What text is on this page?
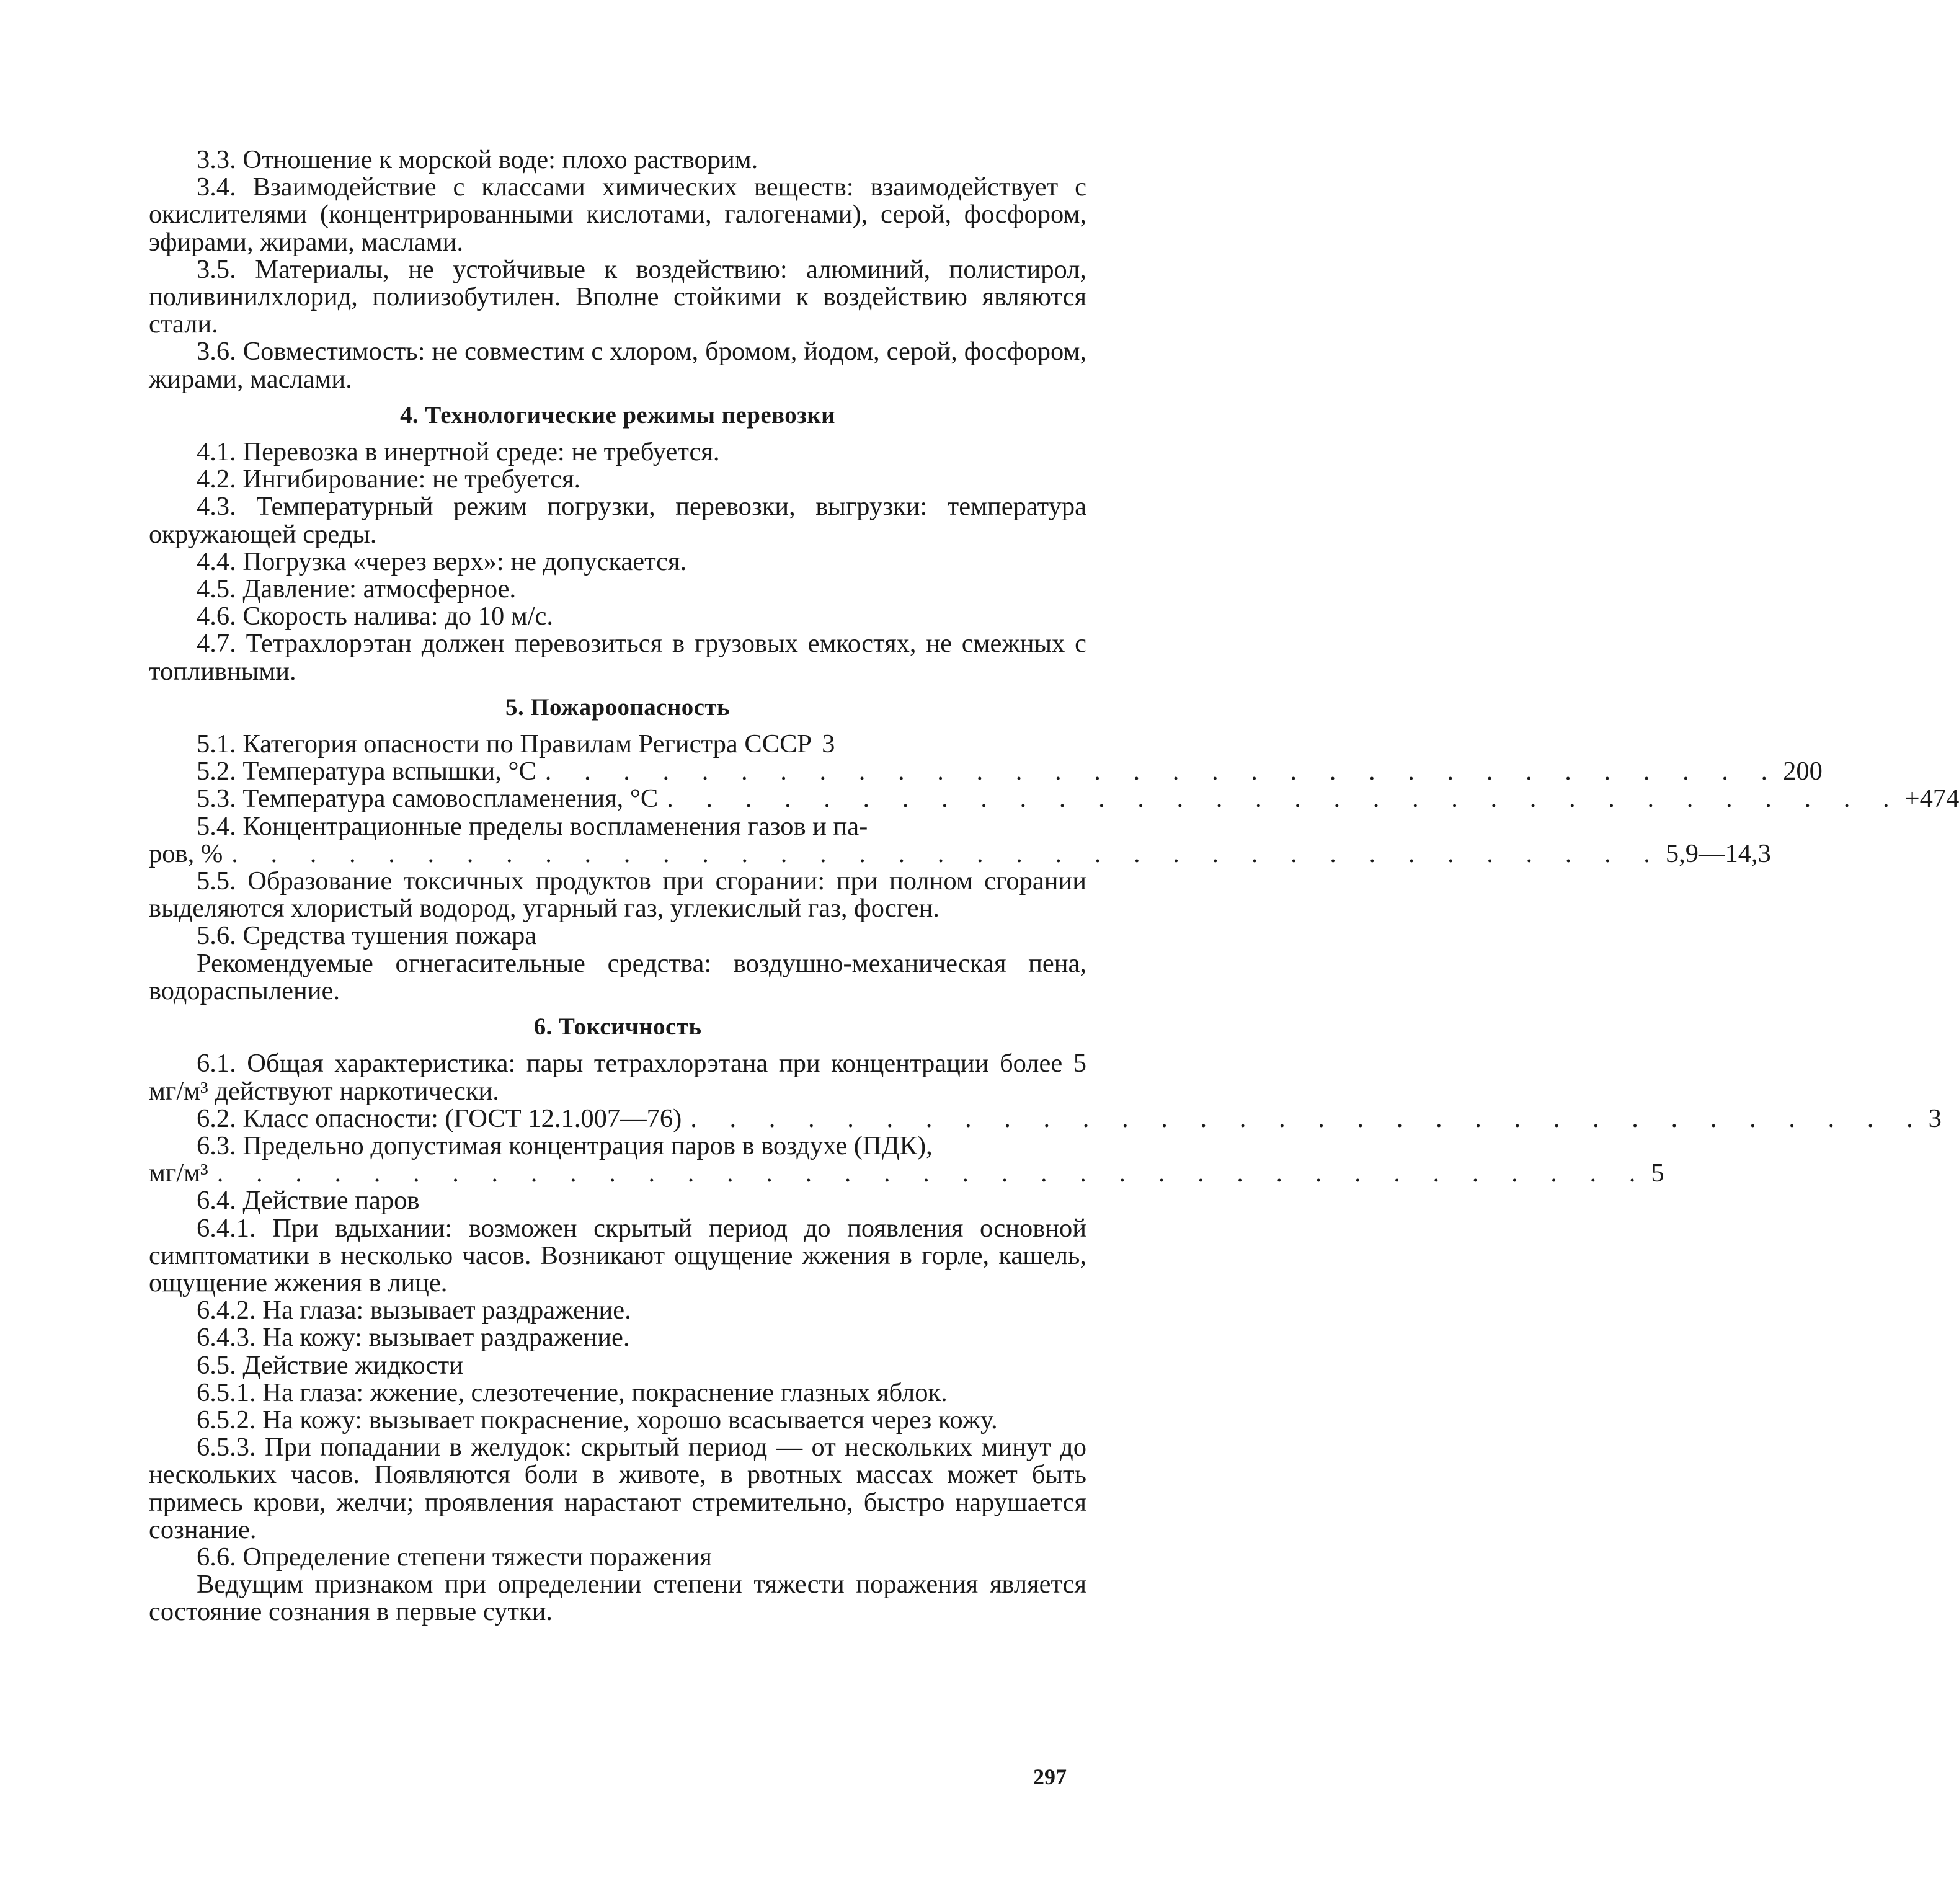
3.3. Отношение к морской воде: плохо растворим.

3.4. Взаимодействие с классами химических веществ: взаимодействует с окислителями (концентрированными кислотами, галогенами), серой, фосфором, эфирами, жирами, маслами.

3.5. Материалы, не устойчивые к воздействию: алюминий, полистирол, поливинилхлорид, полиизобутилен. Вполне стойкими к воздействию являются стали.

3.6. Совместимость: не совместим с хлором, бромом, йодом, серой, фосфором, жирами, маслами.

4. Технологические режимы перевозки

4.1. Перевозка в инертной среде: не требуется.

4.2. Ингибирование: не требуется.

4.3. Температурный режим погрузки, перевозки, выгрузки: температура окружающей среды.

4.4. Погрузка «через верх»: не допускается.

4.5. Давление: атмосферное.

4.6. Скорость налива: до 10 м/с.

4.7. Тетрахлорэтан должен перевозиться в грузовых емкостях, не смежных с топливными.

5. Пожароопасность
5.1. Категория опасности по Правилам Регистра СССР 3
5.2. Температура вспышки, °С . . . . . . . . . . . . . . . . . . . . . . . . . . . . . . . . 200
5.3. Температура самовоспламенения, °С . . . . . . . . . . . . . . . . . . . . . . . . . . . . . . . . +474

5.4. Концентрационные пределы воспламенения газов и па-

ров, % . . . . . . . . . . . . . . . . . . . . . . . . . . . . . . . . . . . . . 5,9—14,3

5.5. Образование токсичных продуктов при сгорании: при полном сгорании выделяются хлористый водород, угарный газ, углекислый газ, фосген.

5.6. Средства тушения пожара

Рекомендуемые огнегасительные средства: воздушно-механическая пена, водораспыление.

6. Токсичность

6.1. Общая характеристика: пары тетрахлорэтана при концентрации более 5 мг/м³ действуют наркотически.

6.2. Класс опасности: (ГОСТ 12.1.007—76) . . . . . . . . . . . . . . . . . . . . . . . . . . . . . . . . 3

6.3. Предельно допустимая концентрация паров в воздухе (ПДК),

мг/м³ . . . . . . . . . . . . . . . . . . . . . . . . . . . . . . . . . . . . . 5

6.4. Действие паров

6.4.1. При вдыхании: возможен скрытый период до появления основной симптоматики в несколько часов. Возникают ощущение жжения в горле, кашель, ощущение жжения в лице.

6.4.2. На глаза: вызывает раздражение.

6.4.3. На кожу: вызывает раздражение.

6.5. Действие жидкости

6.5.1. На глаза: жжение, слезотечение, покраснение глазных яблок.

6.5.2. На кожу: вызывает покраснение, хорошо всасывается через кожу.

6.5.3. При попадании в желудок: скрытый период — от нескольких минут до нескольких часов. Появляются боли в животе, в рвотных массах может быть примесь крови, желчи; проявления нарастают стремительно, быстро нарушается сознание.

6.6. Определение степени тяжести поражения

Ведущим признаком при определении степени тяжести поражения является состояние сознания в первые сутки.

297
